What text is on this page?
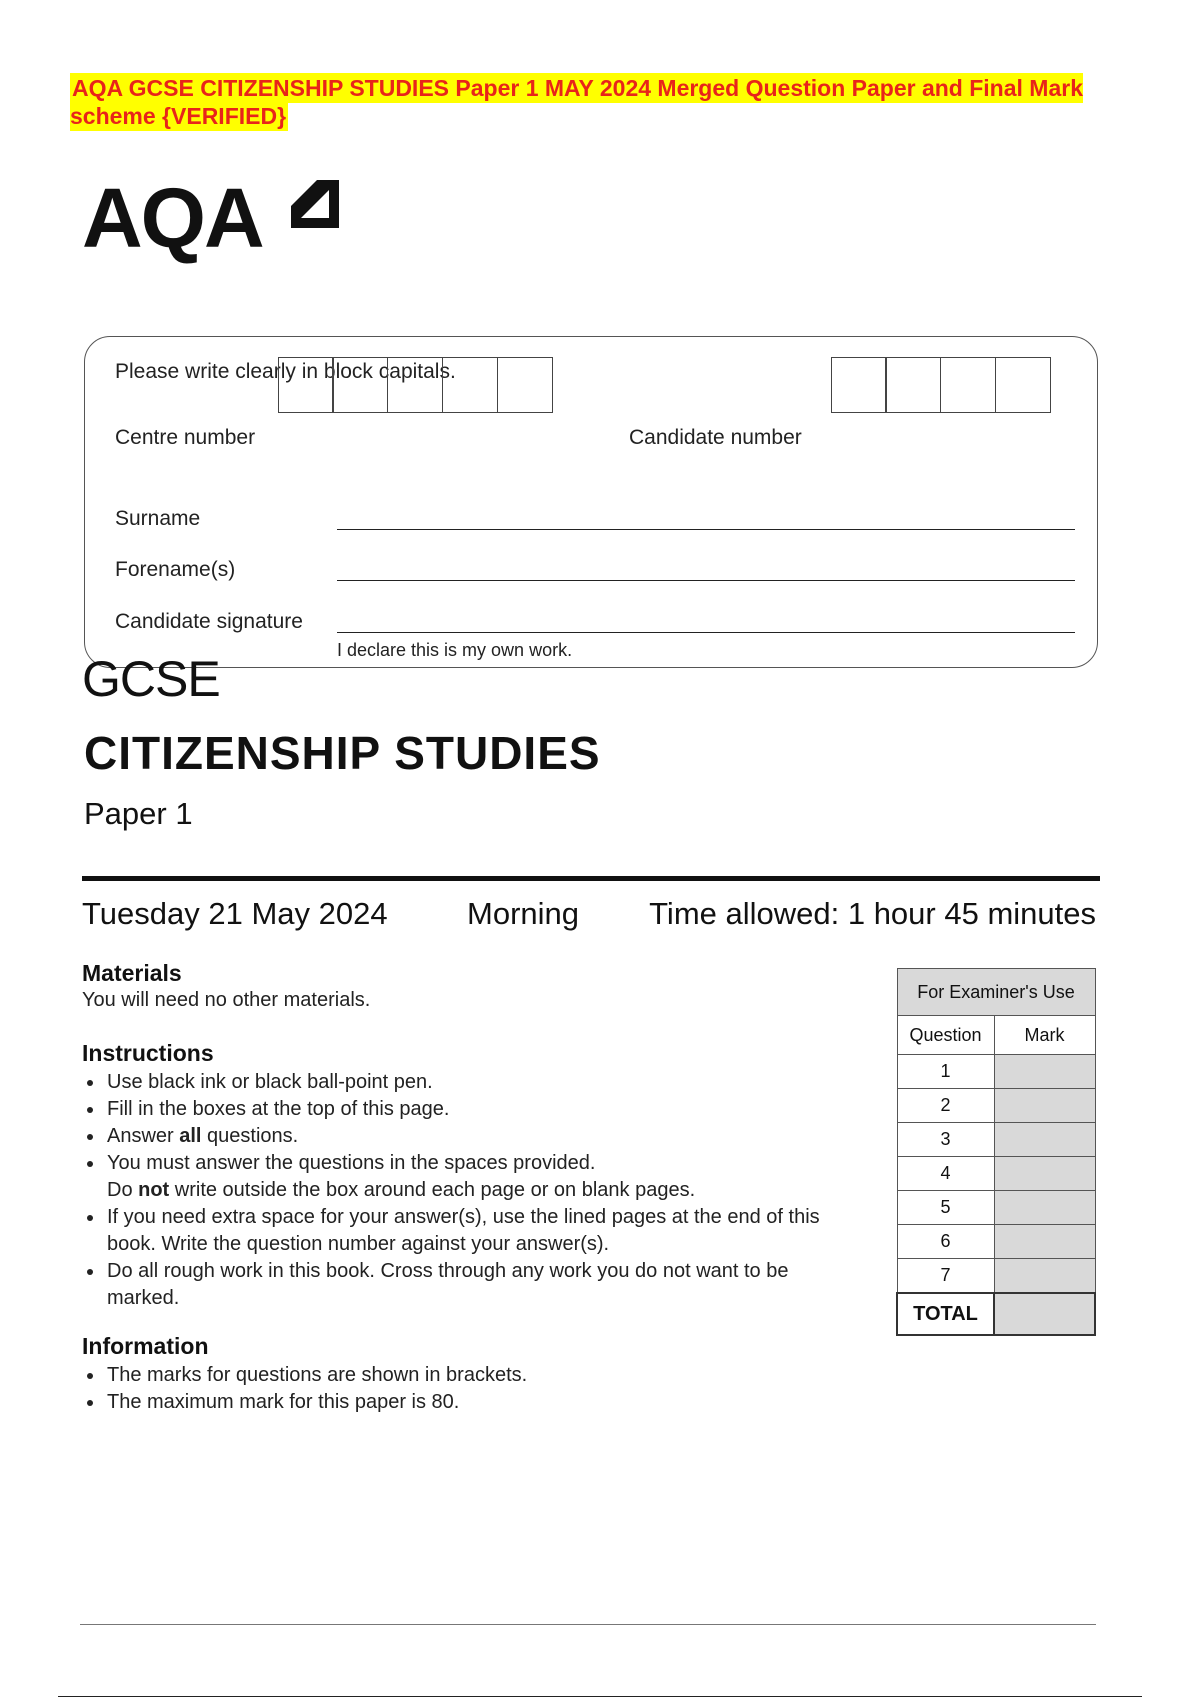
AQA GCSE CITIZENSHIP STUDIES Paper 1 MAY 2024 Merged Question Paper and Final Mark scheme {VERIFIED}
AQA
Please write clearly in block capitals.
Centre number	Candidate number
Surname
Forename(s)
Candidate signature
I declare this is my own work.
GCSE
CITIZENSHIP STUDIES
Paper 1
Tuesday 21 May 2024	Morning Time allowed: 1 hour 45 minutes
Materials
You will need no other materials.
Instructions
• Use black ink or black ball-point pen.
• Fill in the boxes at the top of this page.
• Answer all questions.
• You must answer the questions in the spaces provided.
Do not write outside the box around each page or on blank pages.
• If you need extra space for your answer(s), use the lined pages at the end of this book. Write the question number against your answer(s).
• Do all rough work in this book. Cross through any work you do not want to be marked.
Information
• The marks for questions are shown in brackets.
• The maximum mark for this paper is 80.
For Examiner's Use	
Question	Mark
1	
2	
3	
4	
5	
6	
7	
TOTAL	
